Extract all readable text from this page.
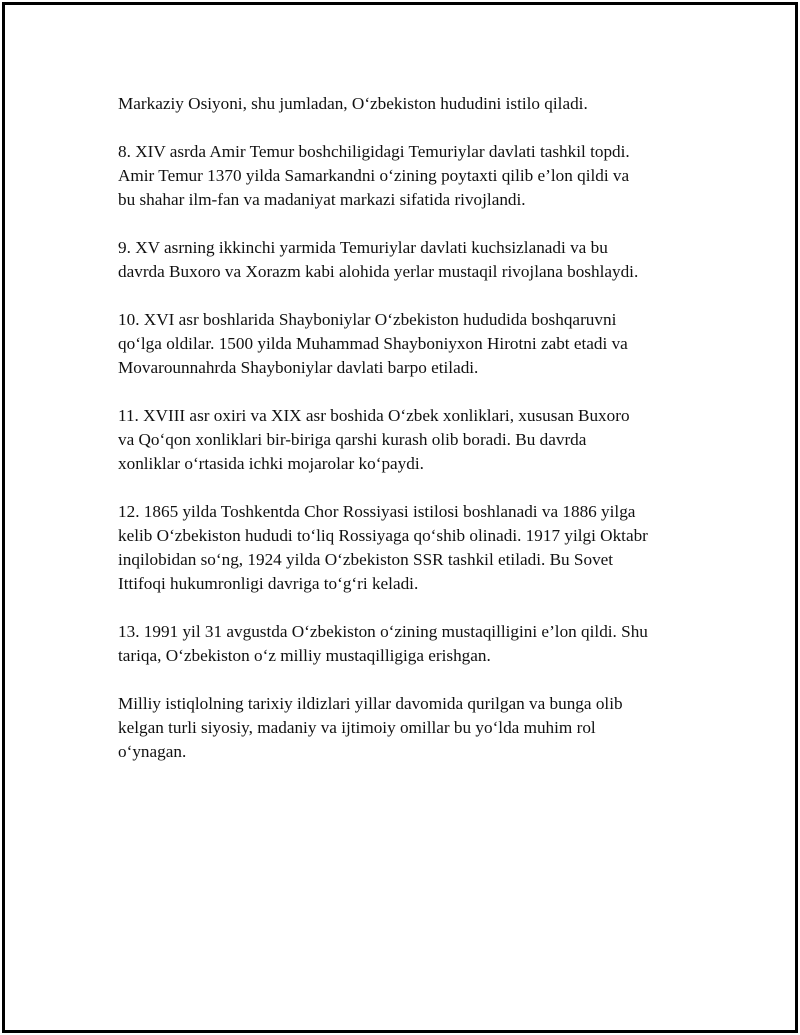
Markaziy Osiyoni, shu jumladan, O‘zbekiston hududini istilo qiladi.

8. XIV asrda Amir Temur boshchiligidagi Temuriylar davlati tashkil topdi.
Amir Temur 1370 yilda Samarkandni o‘zining poytaxti qilib e’lon qildi va
bu shahar ilm-fan va madaniyat markazi sifatida rivojlandi.

9. XV asrning ikkinchi yarmida Temuriylar davlati kuchsizlanadi va bu
davrda Buxoro va Xorazm kabi alohida yerlar mustaqil rivojlana boshlaydi.

10. XVI asr boshlarida Shayboniylar O‘zbekiston hududida boshqaruvni
qo‘lga oldilar. 1500 yilda Muhammad Shayboniyxon Hirotni zabt etadi va
Movarounnahrda Shayboniylar davlati barpo etiladi.

11. XVIII asr oxiri va XIX asr boshida O‘zbek xonliklari, xususan Buxoro
va Qo‘qon xonliklari bir-biriga qarshi kurash olib boradi. Bu davrda
xonliklar o‘rtasida ichki mojarolar ko‘paydi.

12. 1865 yilda Toshkentda Chor Rossiyasi istilosi boshlanadi va 1886 yilga
kelib O‘zbekiston hududi to‘liq Rossiyaga qo‘shib olinadi. 1917 yilgi Oktabr
inqilobidan so‘ng, 1924 yilda O‘zbekiston SSR tashkil etiladi. Bu Sovet
Ittifoqi hukumronligi davriga to‘g‘ri keladi.

13. 1991 yil 31 avgustda O‘zbekiston o‘zining mustaqilligini e’lon qildi. Shu
tariqa, O‘zbekiston o‘z milliy mustaqilligiga erishgan.

Milliy istiqlolning tarixiy ildizlari yillar davomida qurilgan va bunga olib
kelgan turli siyosiy, madaniy va ijtimoiy omillar bu yo‘lda muhim rol
o‘ynagan.
